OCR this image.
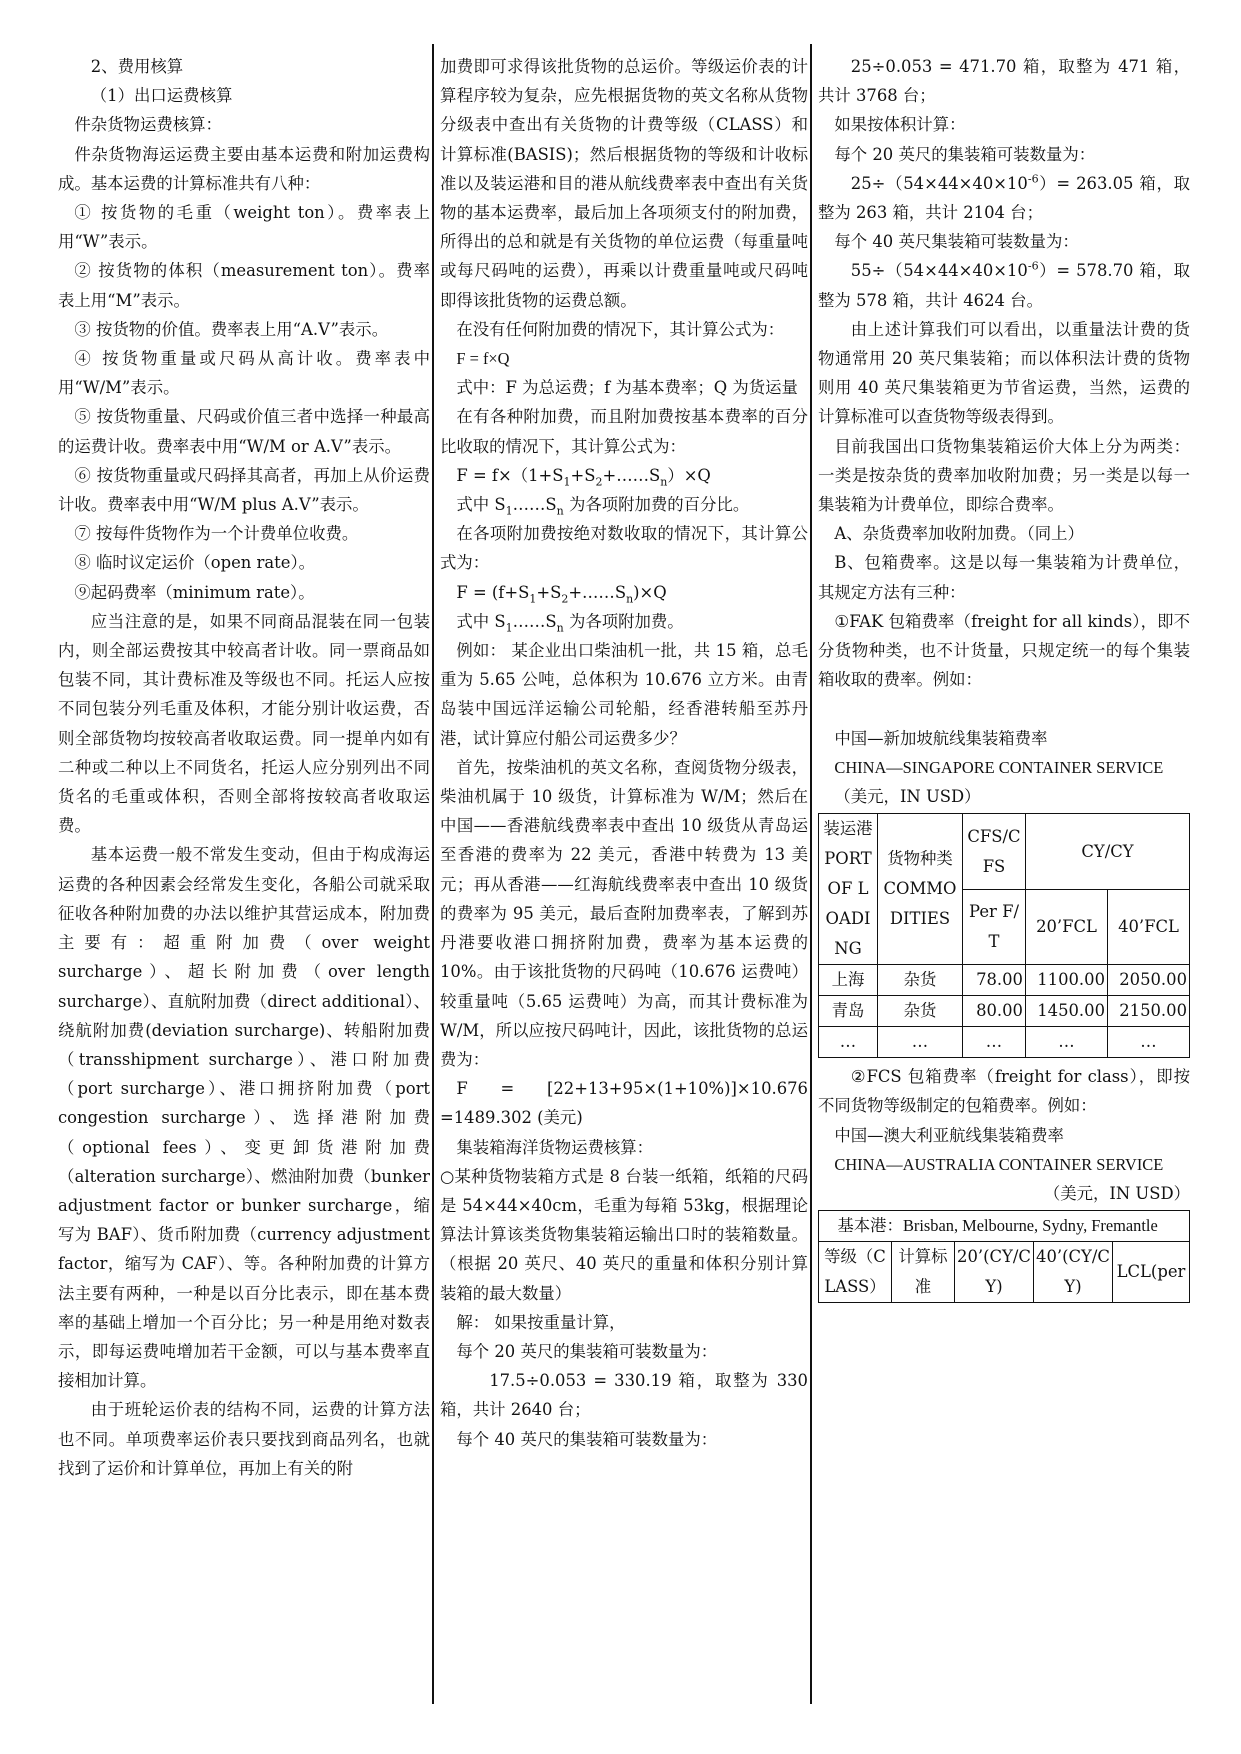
2、费用核算

（1）出口运费核算

件杂货物运费核算：

件杂货物海运运费主要由基本运费和附加运费构成。基本运费的计算标准共有八种：

① 按货物的毛重（weight ton）。费率表上用“W”表示。

② 按货物的体积（measurement ton）。费率表上用“M”表示。

③ 按货物的价值。费率表上用“A.V”表示。

④ 按货物重量或尺码从高计收。费率表中用“W/M”表示。

⑤ 按货物重量、尺码或价值三者中选择一种最高的运费计收。费率表中用“W/M or A.V”表示。

⑥ 按货物重量或尺码择其高者，再加上从价运费计收。费率表中用“W/M plus A.V”表示。

⑦ 按每件货物作为一个计费单位收费。

⑧ 临时议定运价（open rate）。

⑨起码费率（minimum rate）。

应当注意的是，如果不同商品混装在同一包装内，则全部运费按其中较高者计收。同一票商品如包装不同，其计费标准及等级也不同。托运人应按不同包装分列毛重及体积，才能分别计收运费，否则全部货物均按较高者收取运费。同一提单内如有二种或二种以上不同货名，托运人应分别列出不同货名的毛重或体积，否则全部将按较高者收取运费。

基本运费一般不常发生变动，但由于构成海运运费的各种因素会经常发生变化，各船公司就采取征收各种附加费的办法以维护其营运成本，附加费主要有：超重附加费（over weight surcharge）、超长附加费（over length surcharge）、直航附加费（direct additional）、绕航附加费(deviation surcharge)、转船附加费（transshipment surcharge）、港口附加费（port surcharge）、港口拥挤附加费（port congestion surcharge）、选择港附加费（optional fees）、变更卸货港附加费（alteration surcharge）、燃油附加费（bunker adjustment factor or bunker surcharge，缩写为 BAF）、货币附加费（currency adjustment factor，缩写为 CAF）、等。各种附加费的计算方法主要有两种，一种是以百分比表示，即在基本费率的基础上增加一个百分比；另一种是用绝对数表示，即每运费吨增加若干金额，可以与基本费率直接相加计算。

由于班轮运价表的结构不同，运费的计算方法也不同。单项费率运价表只要找到商品列名，也就找到了运价和计算单位，再加上有关的附

加费即可求得该批货物的总运价。等级运价表的计算程序较为复杂，应先根据货物的英文名称从货物分级表中查出有关货物的计费等级（CLASS）和计算标准(BASIS)；然后根据货物的等级和计收标准以及装运港和目的港从航线费率表中查出有关货物的基本运费率，最后加上各项须支付的附加费，所得出的总和就是有关货物的单位运费（每重量吨或每尺码吨的运费），再乘以计费重量吨或尺码吨即得该批货物的运费总额。

在没有任何附加费的情况下，其计算公式为：

F = f×Q

式中：F 为总运费；f 为基本费率；Q 为货运量

在有各种附加费，而且附加费按基本费率的百分比收取的情况下，其计算公式为：

$F = f\times(1+S_1+S_2+\dots\dots S_n)\times Q$

式中 $S_1\dots\dots S_n$ 为各项附加费的百分比。

在各项附加费按绝对数收取的情况下，其计算公式为：

$F = (f+S_1+S_2+\dots\dots S_n)\times Q$

式中 $S_1\dots\dots S_n$ 为各项附加费。

例如： 某企业出口柴油机一批，共 15 箱，总毛重为 5.65 公吨，总体积为 10.676 立方米。由青岛装中国远洋运输公司轮船，经香港转船至苏丹港，试计算应付船公司运费多少？

首先，按柴油机的英文名称，查阅货物分级表，柴油机属于 10 级货，计算标准为 W/M；然后在中国——香港航线费率表中查出 10 级货从青岛运至香港的费率为 22 美元，香港中转费为 13 美元；再从香港——红海航线费率表中查出 10 级货的费率为 95 美元，最后查附加费率表，了解到苏丹港要收港口拥挤附加费，费率为基本运费的 10%。由于该批货物的尺码吨（10.676 运费吨）较重量吨（5.65 运费吨）为高，而其计费标准为 W/M，所以应按尺码吨计，因此，该批货物的总运费为：

F = [22+13+95×(1+10%)]×10.676 =1489.302 (美元)

集装箱海洋货物运费核算：

○某种货物装箱方式是 8 台装一纸箱，纸箱的尺码是 54×44×40cm，毛重为每箱 53kg，根据理论算法计算该类货物集装箱运输出口时的装箱数量。（根据 20 英尺、40 英尺的重量和体积分别计算装箱的最大数量）

解： 如果按重量计算，

每个 20 英尺的集装箱可装数量为：

17.5÷0.053 = 330.19 箱，取整为 330 箱，共计 2640 台；

每个 40 英尺的集装箱可装数量为：

25÷0.053 = 471.70 箱，取整为 471 箱，共计 3768 台；

如果按体积计算：

每个 20 英尺的集装箱可装数量为：

$25\div(54\times 44\times 40\times 10^{-6})= 263.05$ 箱，取整为 263 箱，共计 2104 台；

每个 40 英尺集装箱可装数量为：

$55\div(54\times 44\times 40\times 10^{-6})= 578.70$ 箱，取整为 578 箱，共计 4624 台。

由上述计算我们可以看出，以重量法计费的货物通常用 20 英尺集装箱；而以体积法计费的货物则用 40 英尺集装箱更为节省运费，当然，运费的计算标准可以查货物等级表得到。

目前我国出口货物集装箱运价大体上分为两类：一类是按杂货的费率加收附加费；另一类是以每一集装箱为计费单位，即综合费率。

A、杂货费率加收附加费。（同上）

B、包箱费率。这是以每一集装箱为计费单位，其规定方法有三种：

①FAK 包箱费率（freight for all kinds），即不分货物种类，也不计货量，只规定统一的每个集装箱收取的费率。例如：

中国—新加坡航线集装箱费率

CHINA—SINGAPORE CONTAINER SERVICE

（美元，IN USD）

装运港 PORT OF LOADING	货物种类 COMMODITIES	CFS/CFS	CY/CY	
		Per F/T	20’FCL	40’FCL
上海	杂货	78.00	1100.00	2050.00
青岛	杂货	80.00	1450.00	2150.00
…	…	…	…	…

②FCS 包箱费率（freight for class），即按不同货物等级制定的包箱费率。例如：

中国—澳大利亚航线集装箱费率

CHINA—AUSTRALIA CONTAINER SERVICE

（美元，IN USD）

基本港：Brisban, Melbourne, Sydny, Fremantle
等级（CLASS）	计算标准	20’(CY/CY)	40’(CY/CY)	LCL(per
